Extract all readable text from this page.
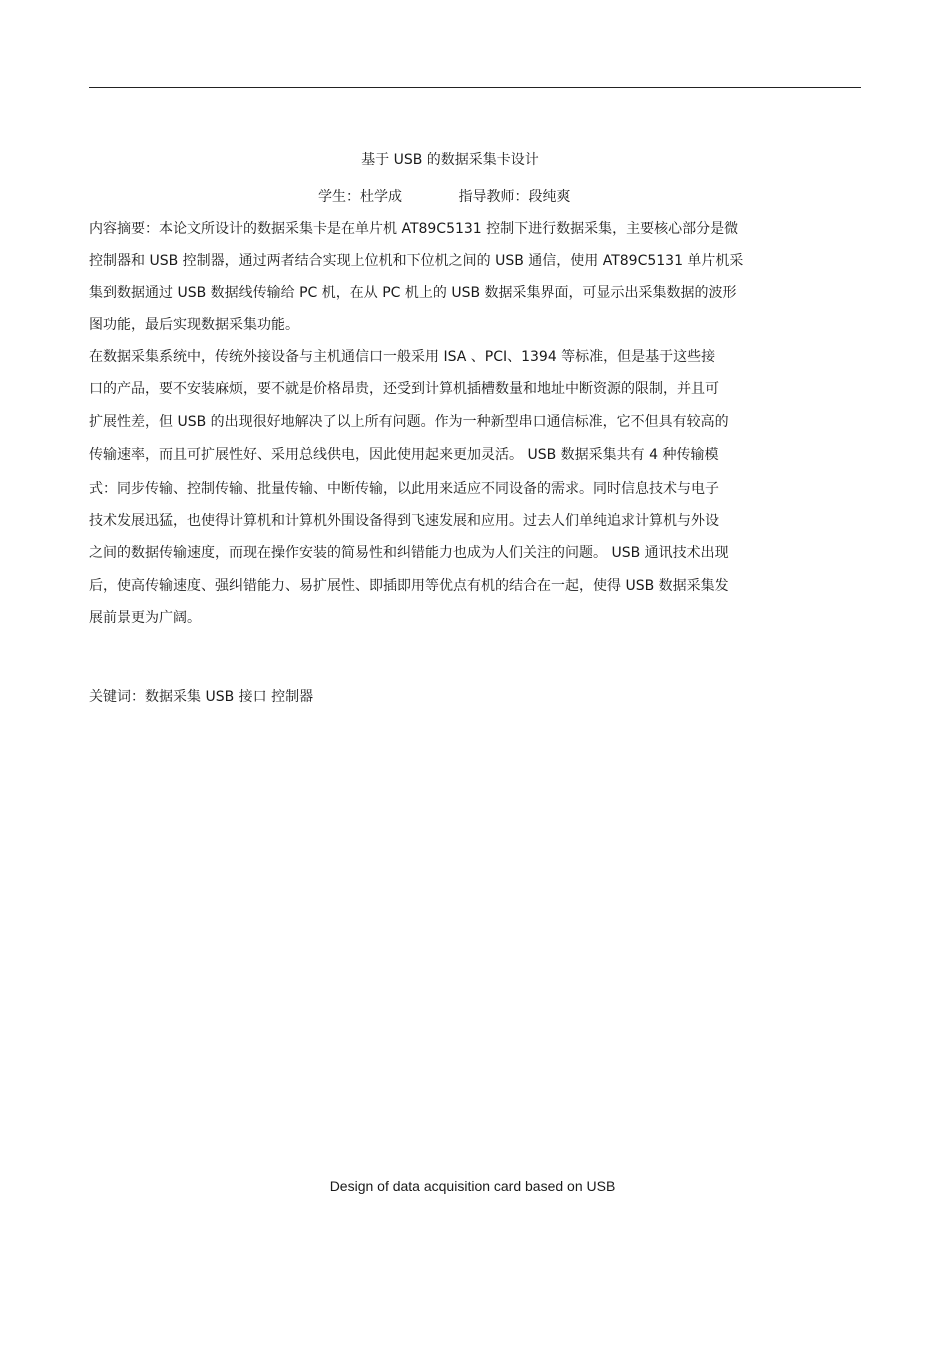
基于 USB 的数据采集卡设计
学生：杜学成	指导教师：段纯爽
内容摘要：本论文所设计的数据采集卡是在单片机 AT89C5131 控制下进行数据采集，主要核心部分是微
控制器和 USB 控制器，通过两者结合实现上位机和下位机之间的 USB 通信，使用 AT89C5131 单片机采
集到数据通过 USB 数据线传输给 PC 机，在从 PC 机上的 USB 数据采集界面，可显示出采集数据的波形
图功能，最后实现数据采集功能。
在数据采集系统中，传统外接设备与主机通信口一般采用 ISA 、PCI、1394 等标准，但是基于这些接
口的产品，要不安装麻烦，要不就是价格昂贵，还受到计算机插槽数量和地址中断资源的限制，并且可
扩展性差，但 USB 的出现很好地解决了以上所有问题。作为一种新型串口通信标准，它不但具有较高的
传输速率，而且可扩展性好、采用总线供电，因此使用起来更加灵活。 USB 数据采集共有 4 种传输模
式：同步传输、控制传输、批量传输、中断传输，以此用来适应不同设备的需求。同时信息技术与电子
技术发展迅猛，也使得计算机和计算机外围设备得到飞速发展和应用。过去人们单纯追求计算机与外设
之间的数据传输速度，而现在操作安装的简易性和纠错能力也成为人们关注的问题。 USB 通讯技术出现
后，使高传输速度、强纠错能力、易扩展性、即插即用等优点有机的结合在一起，使得 USB 数据采集发
展前景更为广阔。
关键词：数据采集 USB 接口 控制器
Design of data acquisition card based on USB
